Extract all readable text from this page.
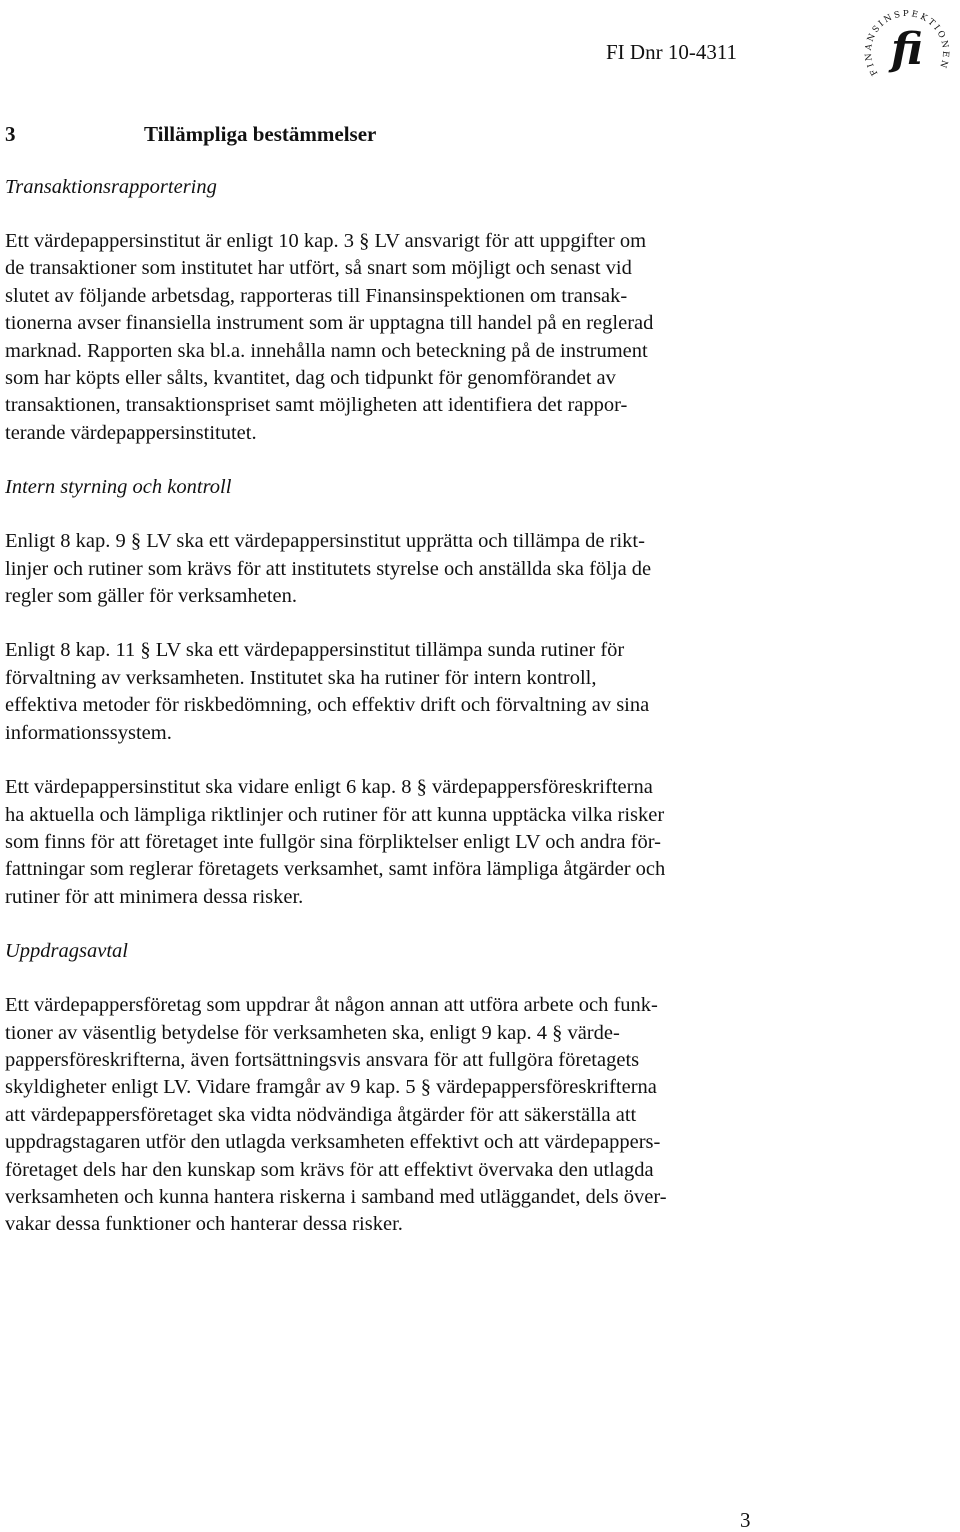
FI Dnr 10-4311
FINANSINSPEKTIONEN
fi
3	Tillämpliga bestämmelser
Transaktionsrapportering
Ett värdepappersinstitut är enligt 10 kap. 3 § LV ansvarigt för att uppgifter om
de transaktioner som institutet har utfört, så snart som möjligt och senast vid
slutet av följande arbetsdag, rapporteras till Finansinspektionen om transak-
tionerna avser finansiella instrument som är upptagna till handel på en reglerad
marknad. Rapporten ska bl.a. innehålla namn och beteckning på de instrument
som har köpts eller sålts, kvantitet, dag och tidpunkt för genomförandet av
transaktionen, transaktionspriset samt möjligheten att identifiera det rappor-
terande värdepappersinstitutet.
Intern styrning och kontroll
Enligt 8 kap. 9 § LV ska ett värdepappersinstitut upprätta och tillämpa de rikt-
linjer och rutiner som krävs för att institutets styrelse och anställda ska följa de
regler som gäller för verksamheten.
Enligt 8 kap. 11 § LV ska ett värdepappersinstitut tillämpa sunda rutiner för
förvaltning av verksamheten. Institutet ska ha rutiner för intern kontroll,
effektiva metoder för riskbedömning, och effektiv drift och förvaltning av sina
informationssystem.
Ett värdepappersinstitut ska vidare enligt 6 kap. 8 § värdepappersföreskrifterna
ha aktuella och lämpliga riktlinjer och rutiner för att kunna upptäcka vilka risker
som finns för att företaget inte fullgör sina förpliktelser enligt LV och andra för-
fattningar som reglerar företagets verksamhet, samt införa lämpliga åtgärder och
rutiner för att minimera dessa risker.
Uppdragsavtal
Ett värdepappersföretag som uppdrar åt någon annan att utföra arbete och funk-
tioner av väsentlig betydelse för verksamheten ska, enligt 9 kap. 4 § värde-
pappersföreskrifterna, även fortsättningsvis ansvara för att fullgöra företagets
skyldigheter enligt LV. Vidare framgår av 9 kap. 5 § värdepappersföreskrifterna
att värdepappersföretaget ska vidta nödvändiga åtgärder för att säkerställa att
uppdragstagaren utför den utlagda verksamheten effektivt och att värdepappers-
företaget dels har den kunskap som krävs för att effektivt övervaka den utlagda
verksamheten och kunna hantera riskerna i samband med utläggandet, dels över-
vakar dessa funktioner och hanterar dessa risker.
3
